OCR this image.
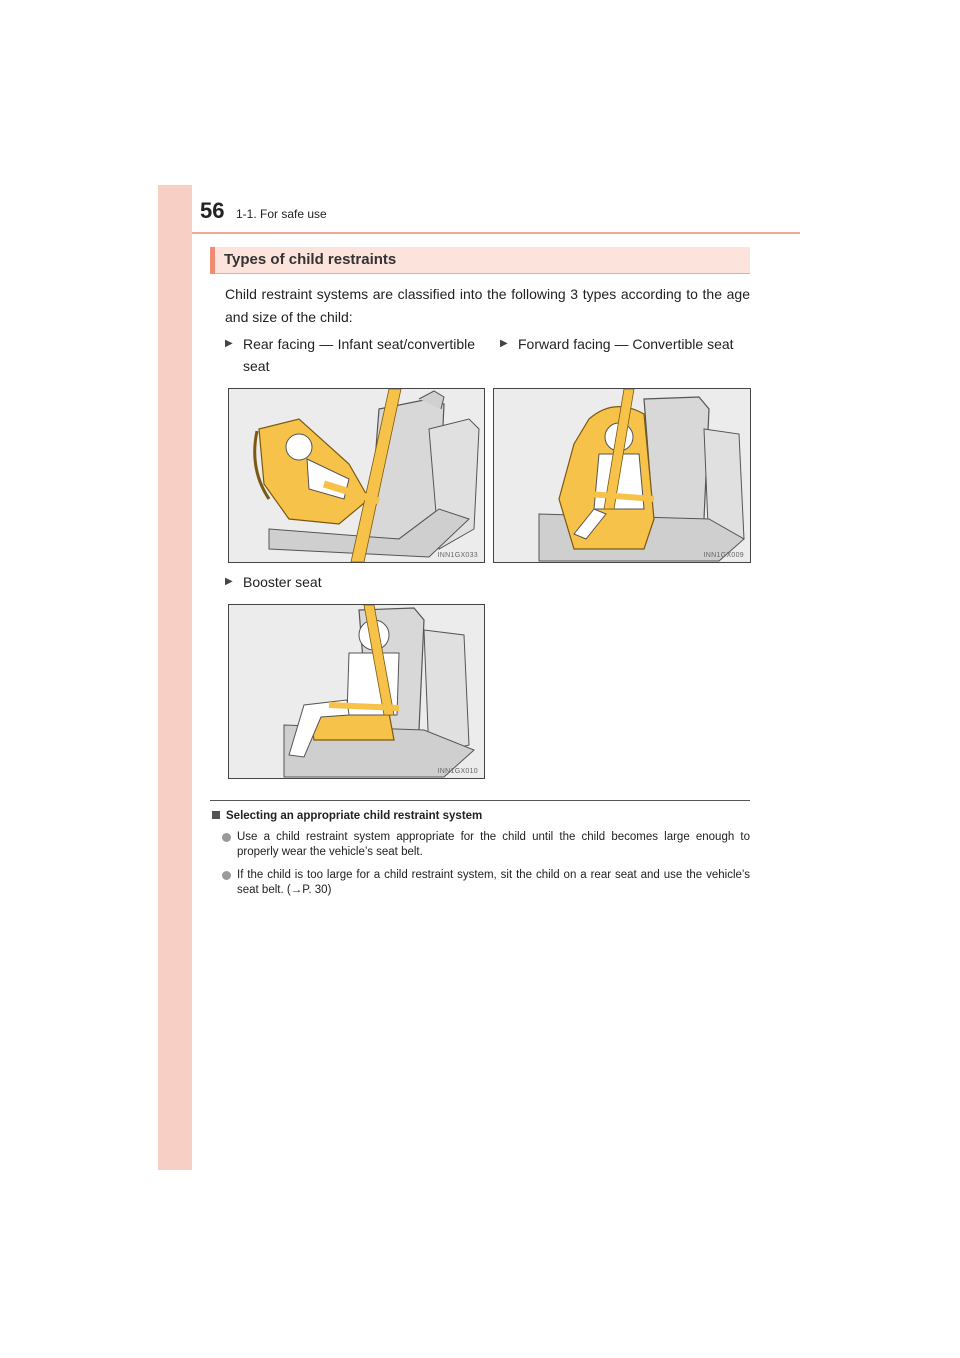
56 1-1. For safe use
Types of child restraints
Child restraint systems are classified into the following 3 types according to the age and size of the child:
▶ Rear facing — Infant seat/convertible seat
▶ Forward facing — Convertible seat
INN1GX033	INN1GX009
▶ Booster seat
INN1GX010
Selecting an appropriate child restraint system
Use a child restraint system appropriate for the child until the child becomes large enough to properly wear the vehicle’s seat belt.
If the child is too large for a child restraint system, sit the child on a rear seat and use the vehicle’s seat belt. (→P. 30)
